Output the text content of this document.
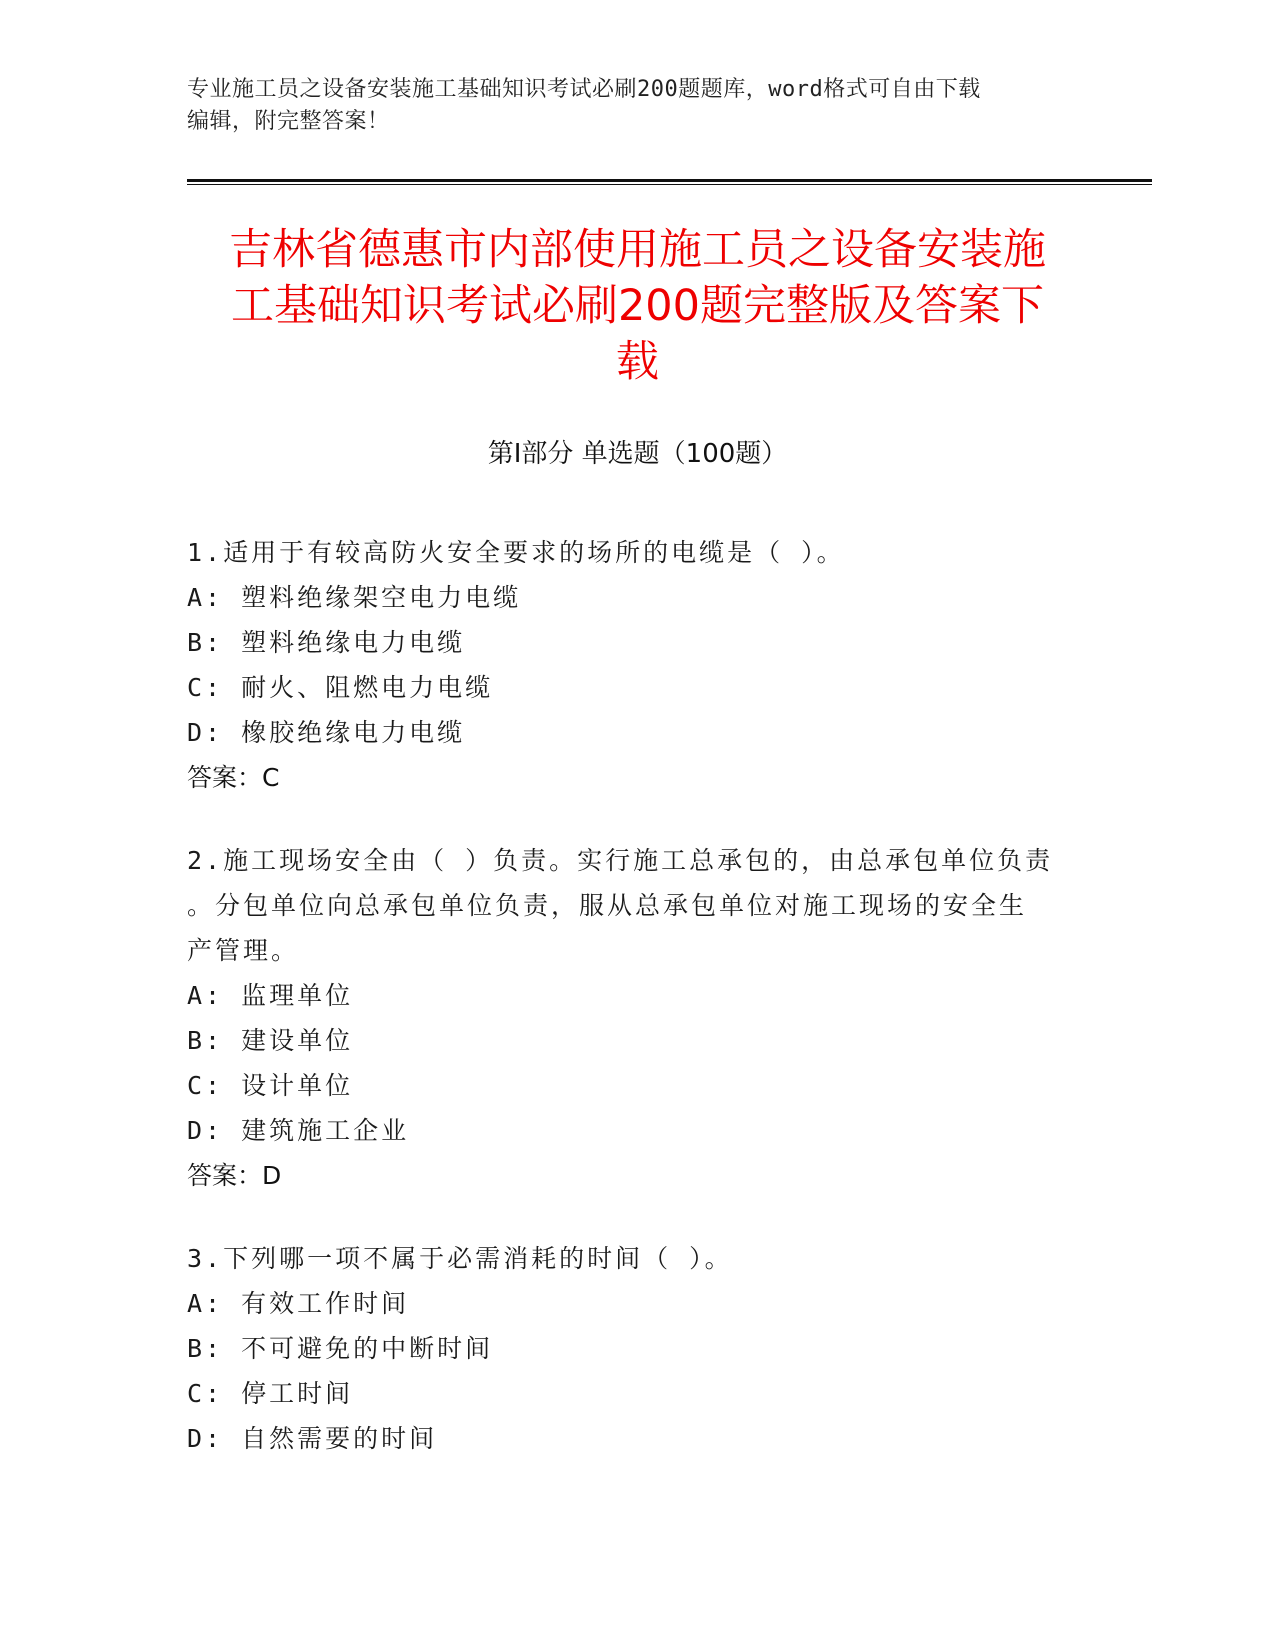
专业施工员之设备安装施工基础知识考试必刷200题题库，word格式可自由下载
编辑，附完整答案！
吉林省德惠市内部使用施工员之设备安装施
工基础知识考试必刷200题完整版及答案下
载
第Ⅰ部分 单选题（100题）

1.适用于有较高防火安全要求的场所的电缆是（ ）。

A: 塑料绝缘架空电力电缆

B: 塑料绝缘电力电缆

C: 耐火、阻燃电力电缆

D: 橡胶绝缘电力电缆

答案：C

2.施工现场安全由（ ）负责。实行施工总承包的，由总承包单位负责

。分包单位向总承包单位负责，服从总承包单位对施工现场的安全生

产管理。

A: 监理单位

B: 建设单位

C: 设计单位

D: 建筑施工企业

答案：D

3.下列哪一项不属于必需消耗的时间（ ）。

A: 有效工作时间

B: 不可避免的中断时间

C: 停工时间

D: 自然需要的时间
